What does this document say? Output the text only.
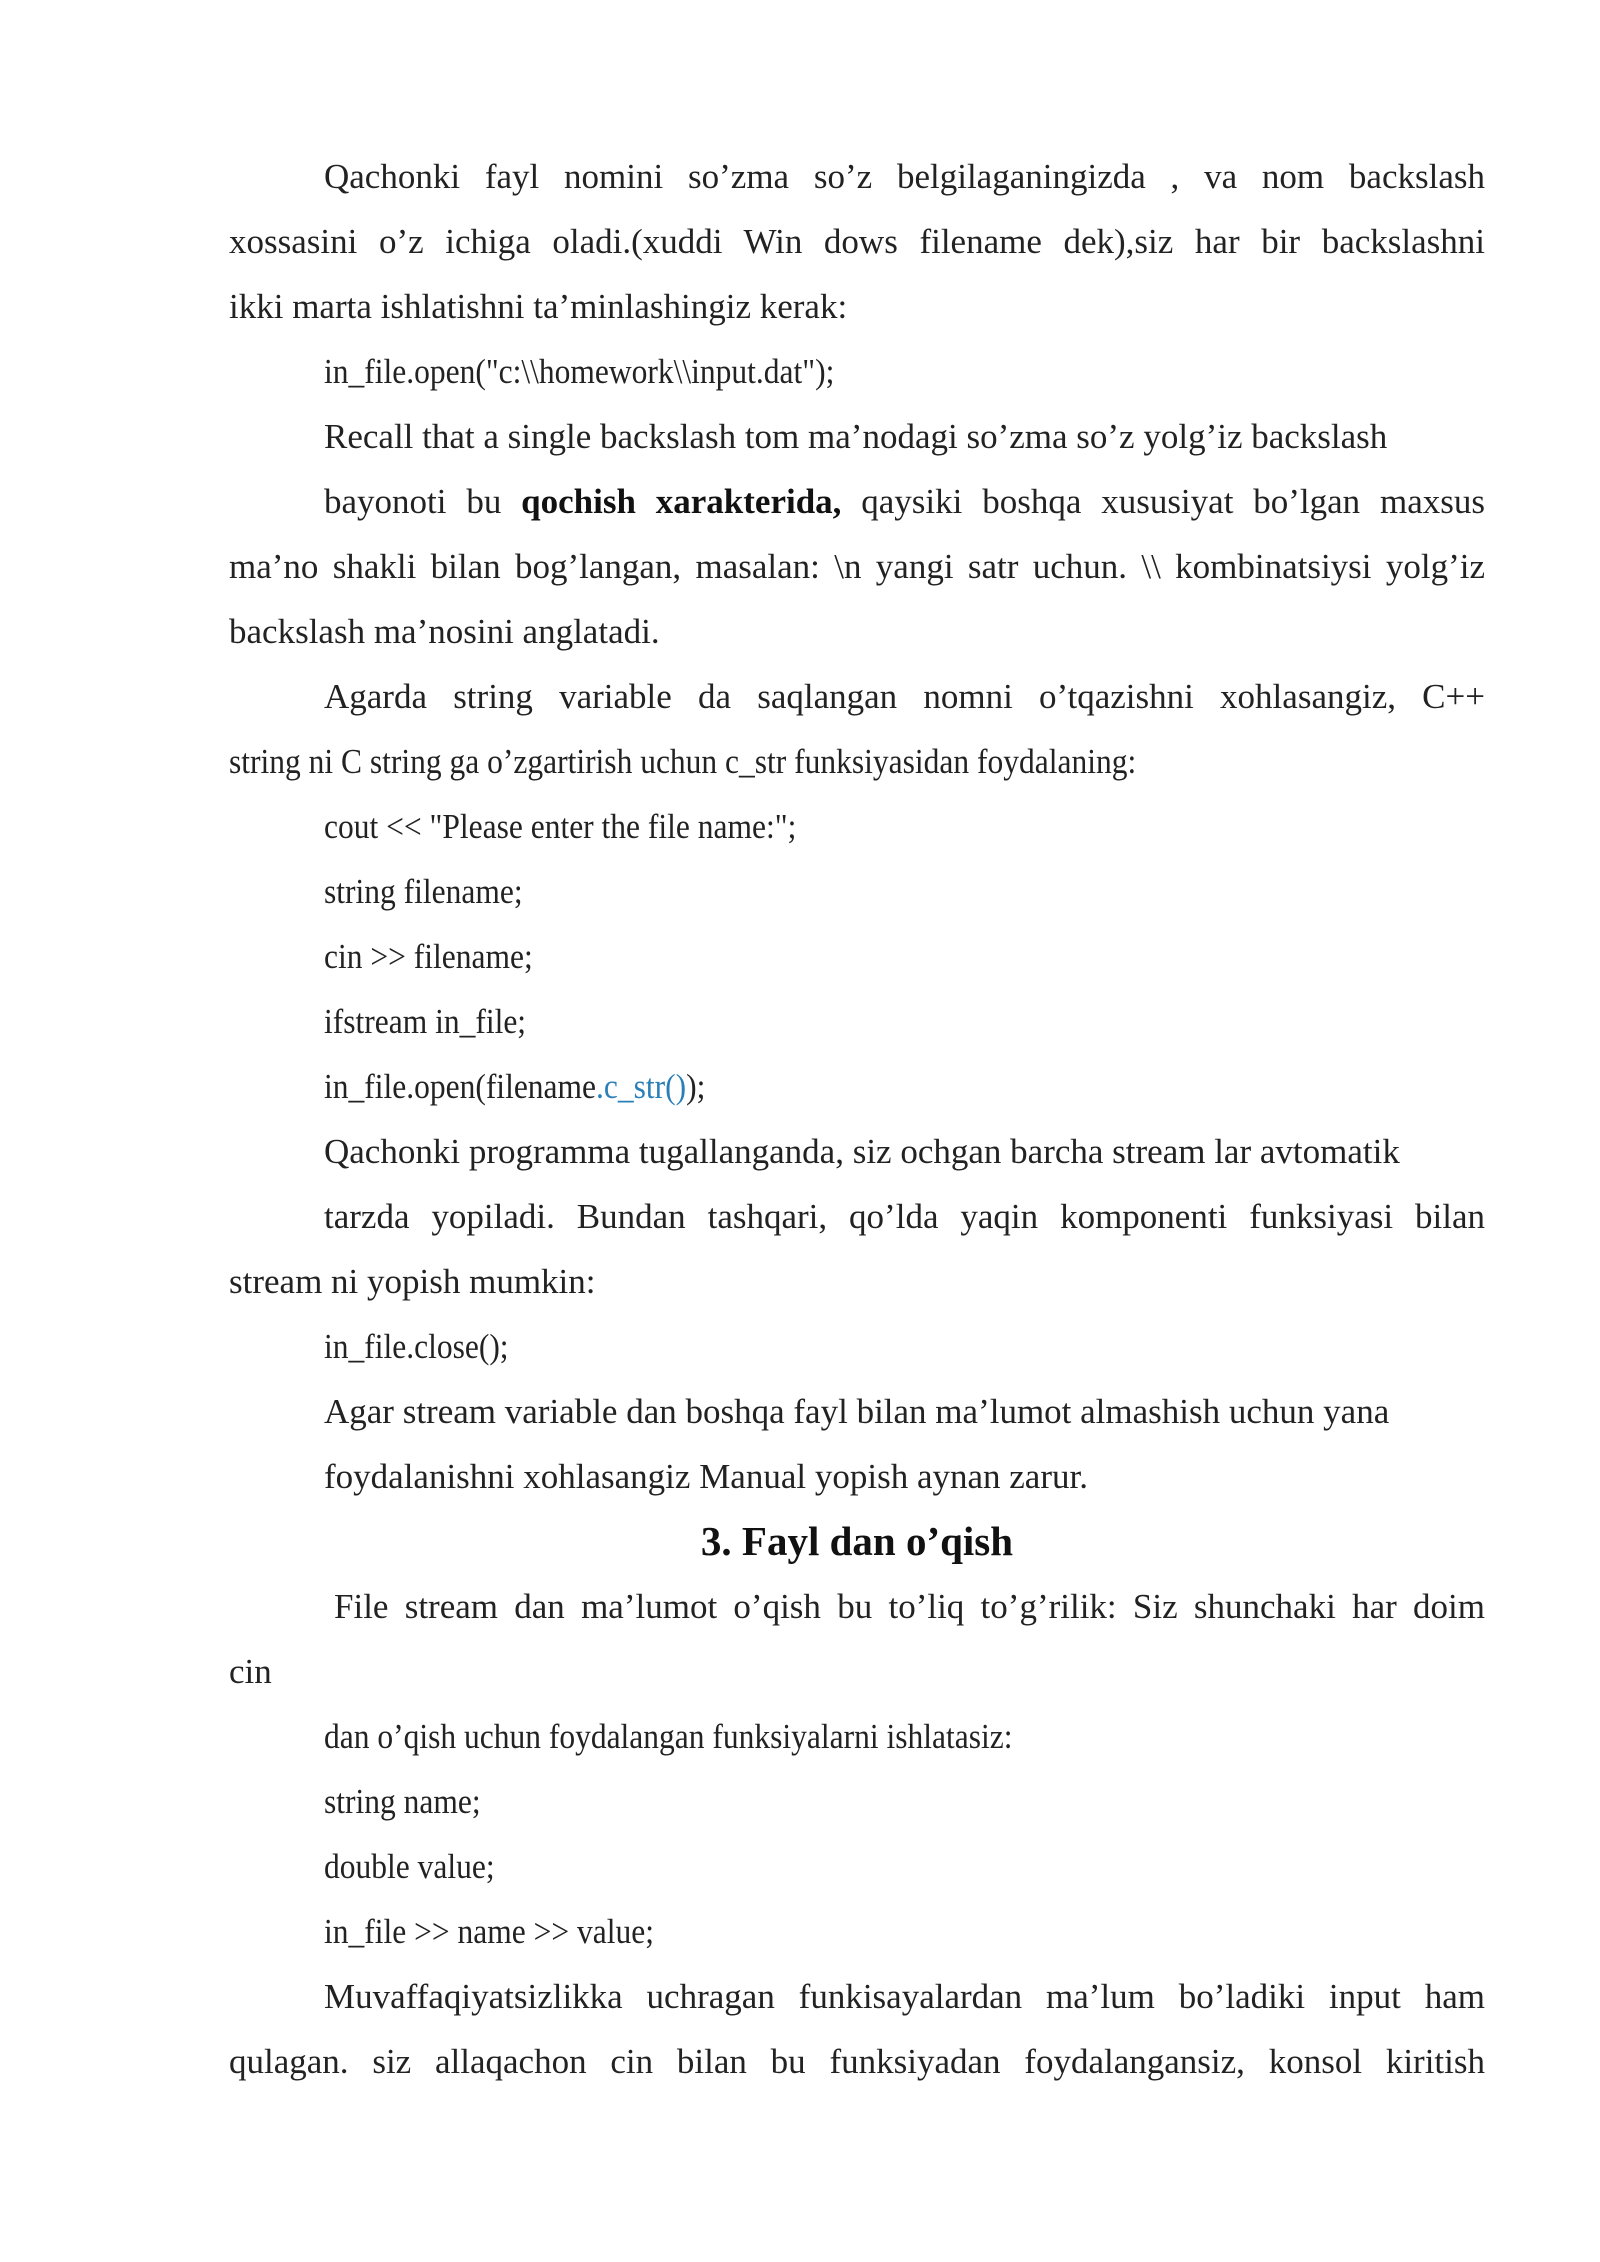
Qachonki fayl nomini so’zma so’z belgilaganingizda , va nom backslash
xossasini o’z ichiga oladi.(xuddi Win dows filename dek),siz har bir backslashni
ikki marta ishlatishni ta’minlashingiz kerak:
in_file.open("c:\\homework\\input.dat");
Recall that a single backslash tom ma’nodagi so’zma so’z yolg’iz backslash
bayonoti bu qochish xarakterida, qaysiki boshqa xususiyat bo’lgan maxsus
ma’no shakli bilan bog’langan, masalan: \n yangi satr uchun. \\ kombinatsiysi yolg’iz
backslash ma’nosini anglatadi.
Agarda string variable da saqlangan nomni o’tqazishni xohlasangiz, C++
string ni C string ga o’zgartirish uchun c_str funksiyasidan foydalaning:
cout << "Please enter the file name:";
string filename;
cin >> filename;
ifstream in_file;
in_file.open(filename.c_str());
Qachonki programma tugallanganda, siz ochgan barcha stream lar avtomatik
tarzda yopiladi. Bundan tashqari, qo’lda yaqin komponenti funksiyasi bilan
stream ni yopish mumkin:
in_file.close();
Agar stream variable dan boshqa fayl bilan ma’lumot almashish uchun yana
foydalanishni xohlasangiz Manual yopish aynan zarur.
3. Fayl dan o’qish
File stream dan ma’lumot o’qish bu to’liq to’g’rilik: Siz shunchaki har doim
cin
dan o’qish uchun foydalangan funksiyalarni ishlatasiz:
string name;
double value;
in_file >> name >> value;
Muvaffaqiyatsizlikka uchragan funkisayalardan ma’lum bo’ladiki input ham
qulagan. siz allaqachon cin bilan bu funksiyadan foydalangansiz, konsol kiritish
